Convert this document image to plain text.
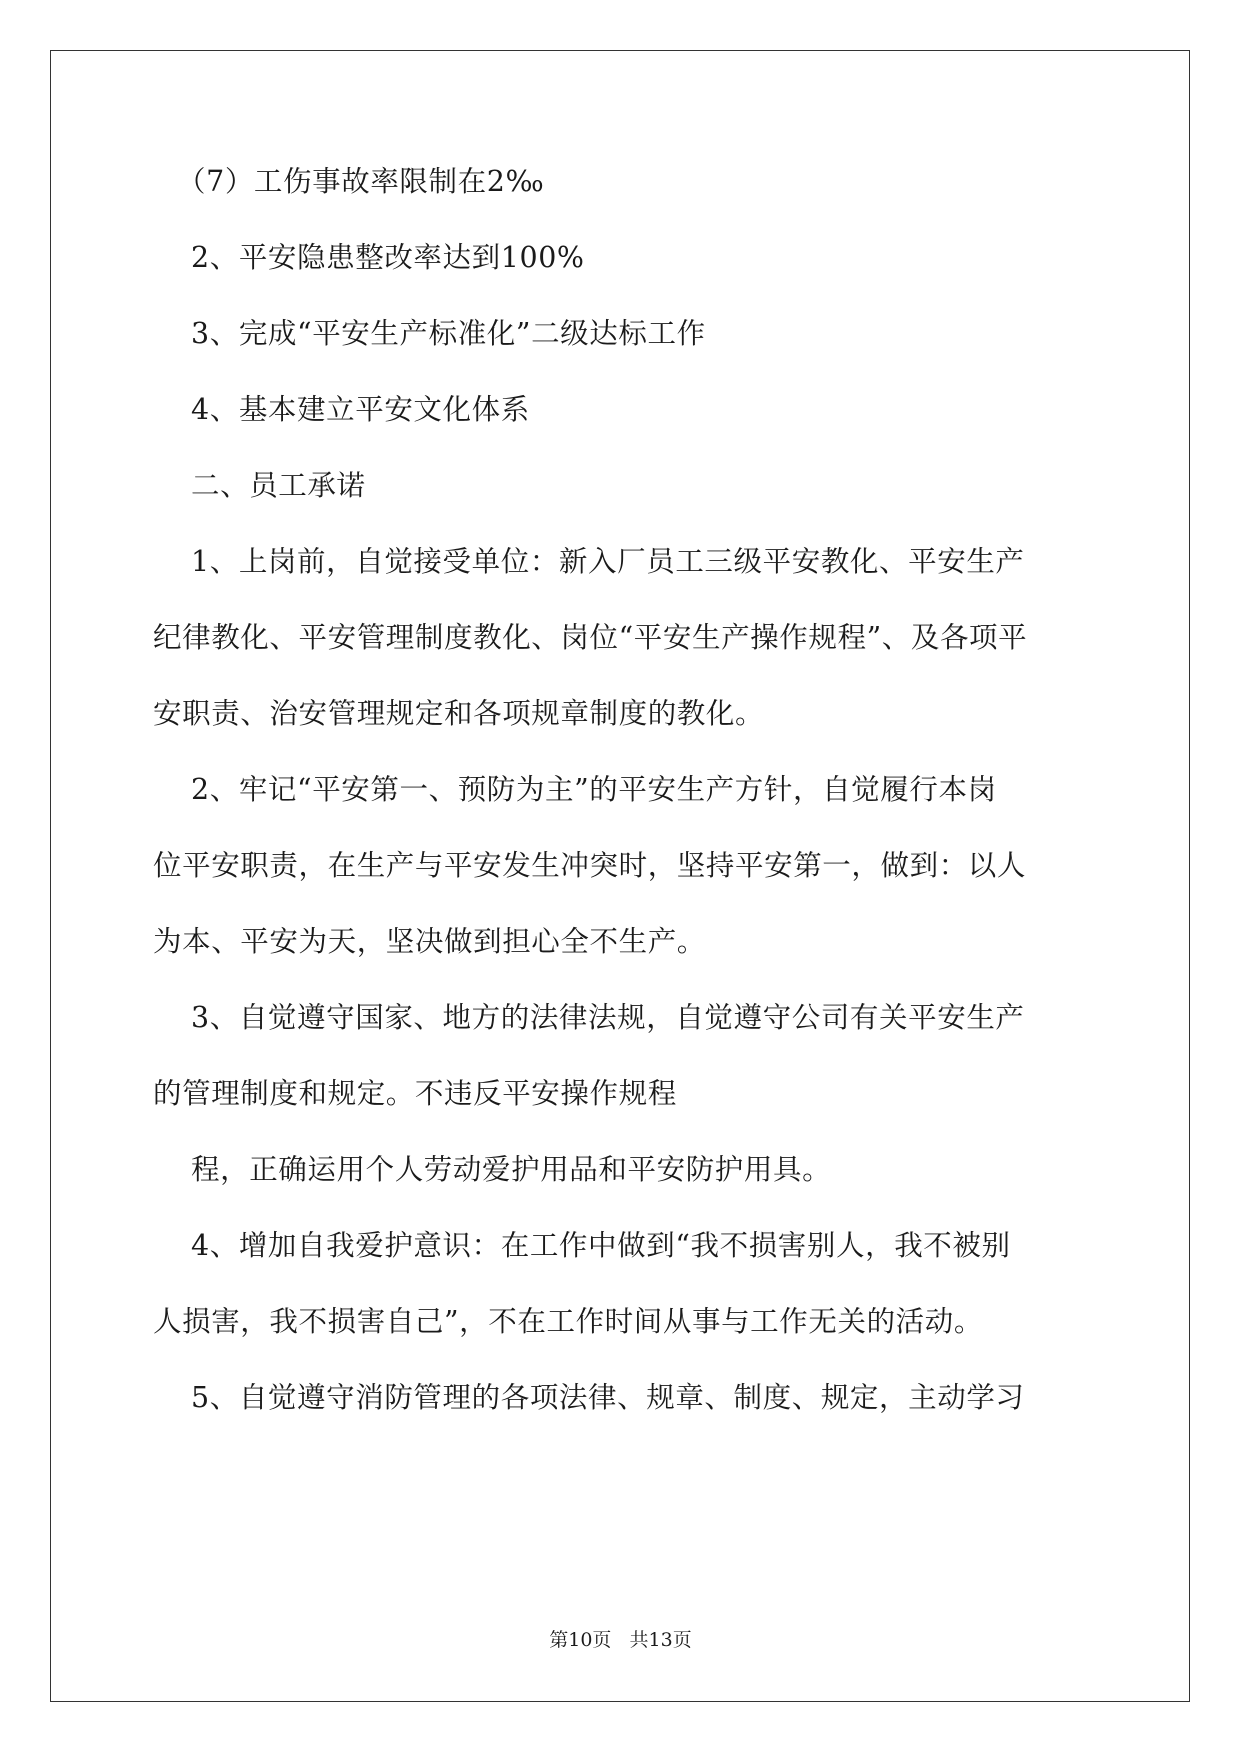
（7）工伤事故率限制在2‰
2、平安隐患整改率达到100%
3、完成“平安生产标准化”二级达标工作
4、基本建立平安文化体系
二、员工承诺
1、上岗前，自觉接受单位：新入厂员工三级平安教化、平安生产
纪律教化、平安管理制度教化、岗位“平安生产操作规程”、及各项平
安职责、治安管理规定和各项规章制度的教化。
2、牢记“平安第一、预防为主”的平安生产方针，自觉履行本岗
位平安职责，在生产与平安发生冲突时，坚持平安第一，做到：以人
为本、平安为天，坚决做到担心全不生产。
3、自觉遵守国家、地方的法律法规，自觉遵守公司有关平安生产
的管理制度和规定。不违反平安操作规程
程，正确运用个人劳动爱护用品和平安防护用具。
4、增加自我爱护意识：在工作中做到“我不损害别人，我不被别
人损害，我不损害自己”，不在工作时间从事与工作无关的活动。
5、自觉遵守消防管理的各项法律、规章、制度、规定，主动学习
第10页   共13页
